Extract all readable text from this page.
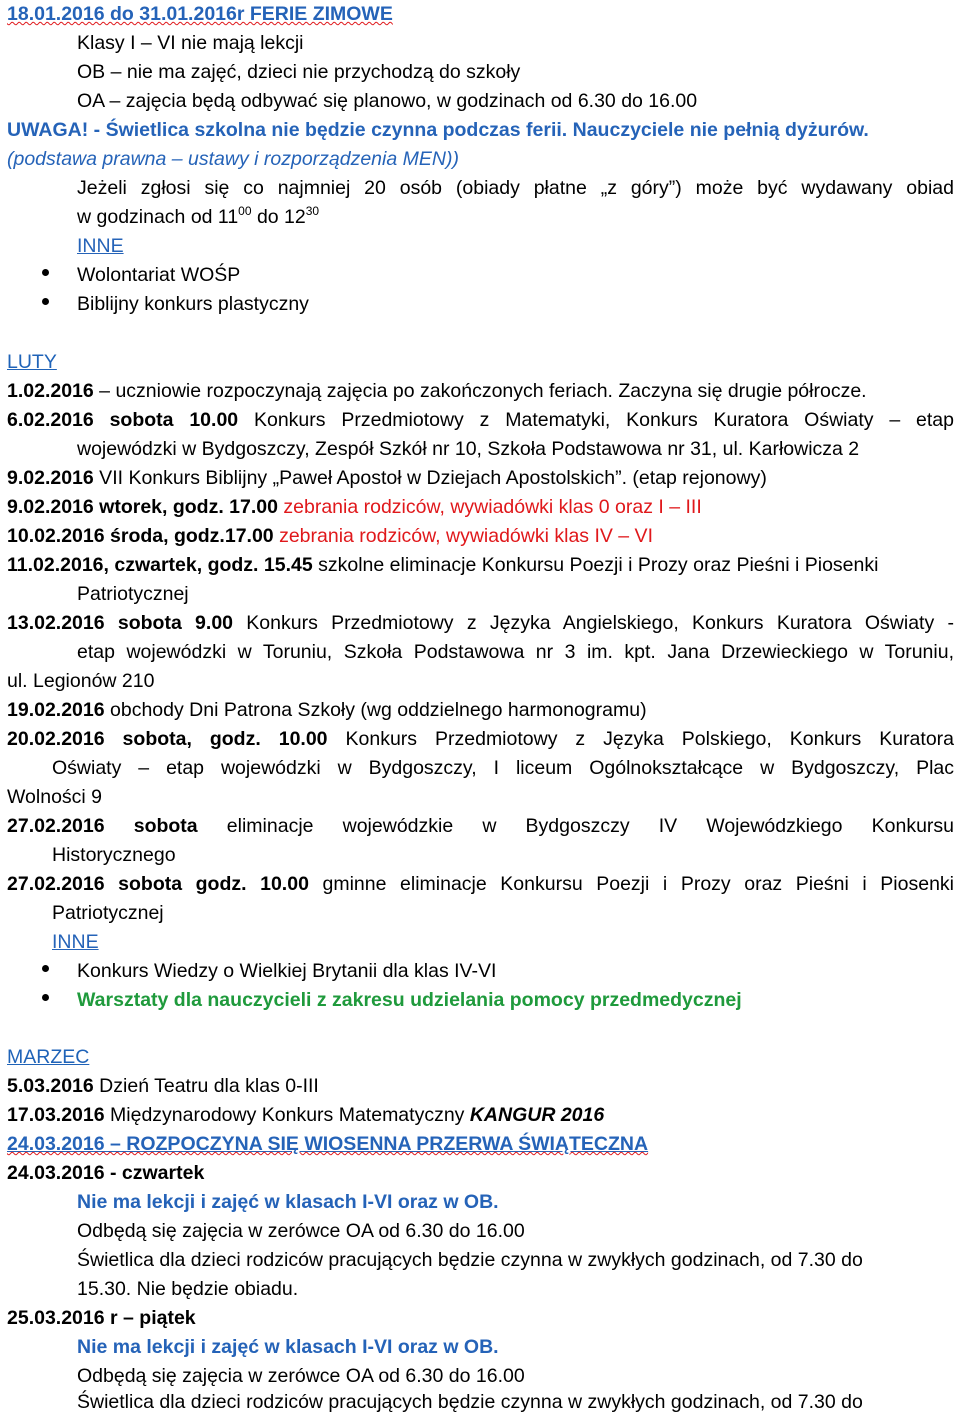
18.01.2016 do 31.01.2016r FERIE ZIMOWE
Klasy I – VI nie mają lekcji
OB – nie ma zajęć, dzieci nie przychodzą do szkoły
OA – zajęcia będą odbywać się planowo, w godzinach od 6.30 do 16.00
UWAGA! - Świetlica szkolna nie będzie czynna podczas ferii. Nauczyciele nie pełnią dyżurów.
(podstawa prawna – ustawy i rozporządzenia MEN))
Jeżeli zgłosi się co najmniej 20 osób (obiady płatne „z góry”) może być wydawany obiad
w godzinach od $11^{00}$ do $12^{30}$
INNE
Wolontariat WOŚP
Biblijny konkurs plastyczny
LUTY
1.02.2016 – uczniowie rozpoczynają zajęcia po zakończonych feriach. Zaczyna się drugie półrocze.
6.02.2016 sobota 10.00 Konkurs Przedmiotowy z Matematyki, Konkurs Kuratora Oświaty – etap
wojewódzki w Bydgoszczy, Zespół Szkół nr 10, Szkoła Podstawowa nr 31, ul. Karłowicza 2
9.02.2016 VII Konkurs Biblijny „Paweł Apostoł w Dziejach Apostolskich”. (etap rejonowy)
9.02.2016 wtorek, godz. 17.00 zebrania rodziców, wywiadówki klas 0 oraz I – III
10.02.2016 środa, godz.17.00 zebrania rodziców, wywiadówki klas IV – VI
11.02.2016, czwartek, godz. 15.45 szkolne eliminacje Konkursu Poezji i Prozy oraz Pieśni i Piosenki
Patriotycznej
13.02.2016 sobota 9.00 Konkurs Przedmiotowy z Języka Angielskiego, Konkurs Kuratora Oświaty -
etap wojewódzki w Toruniu, Szkoła Podstawowa nr 3 im. kpt. Jana Drzewieckiego w Toruniu,
ul. Legionów 210
19.02.2016 obchody Dni Patrona Szkoły (wg oddzielnego harmonogramu)
20.02.2016 sobota, godz. 10.00 Konkurs Przedmiotowy z Języka Polskiego, Konkurs Kuratora
Oświaty – etap wojewódzki w Bydgoszczy, I liceum Ogólnokształcące w Bydgoszczy, Plac
Wolności 9
27.02.2016 sobota eliminacje wojewódzkie w Bydgoszczy IV Wojewódzkiego Konkursu
Historycznego
27.02.2016 sobota godz. 10.00 gminne eliminacje Konkursu Poezji i Prozy oraz Pieśni i Piosenki
Patriotycznej
INNE
Konkurs Wiedzy o Wielkiej Brytanii dla klas IV-VI
Warsztaty dla nauczycieli z zakresu udzielania pomocy przedmedycznej
MARZEC
5.03.2016 Dzień Teatru dla klas 0-III
17.03.2016 Międzynarodowy Konkurs Matematyczny KANGUR 2016
24.03.2016 – ROZPOCZYNA SIĘ WIOSENNA PRZERWA ŚWIĄTECZNA
24.03.2016 - czwartek
Nie ma lekcji i zajęć w klasach I-VI oraz w OB.
Odbędą się zajęcia w zerówce OA od 6.30 do 16.00
Świetlica dla dzieci rodziców pracujących będzie czynna w zwykłych godzinach, od 7.30 do
15.30. Nie będzie obiadu.
25.03.2016 r – piątek
Nie ma lekcji i zajęć w klasach I-VI oraz w OB.
Odbędą się zajęcia w zerówce OA od 6.30 do 16.00
Świetlica dla dzieci rodziców pracujących będzie czynna w zwykłych godzinach, od 7.30 do
